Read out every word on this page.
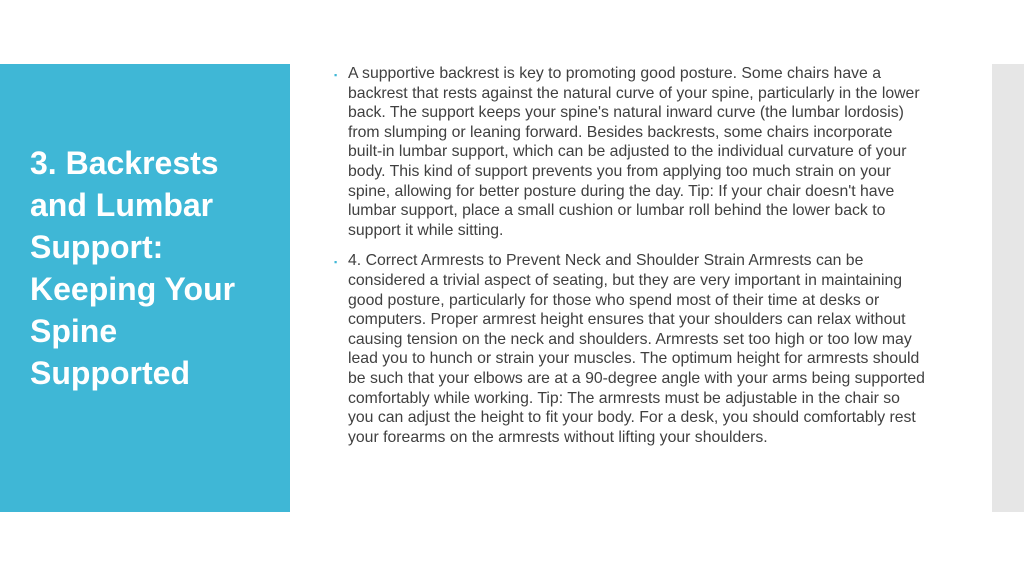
3. Backrests and Lumbar Support: Keeping Your Spine Supported

▪ A supportive backrest is key to promoting good posture. Some chairs have a backrest that rests against the natural curve of your spine, particularly in the lower back. The support keeps your spine's natural inward curve (the lumbar lordosis) from slumping or leaning forward. Besides backrests, some chairs incorporate built-in lumbar support, which can be adjusted to the individual curvature of your body. This kind of support prevents you from applying too much strain on your spine, allowing for better posture during the day. Tip: If your chair doesn't have lumbar support, place a small cushion or lumbar roll behind the lower back to support it while sitting.

▪ 4. Correct Armrests to Prevent Neck and Shoulder Strain Armrests can be considered a trivial aspect of seating, but they are very important in maintaining good posture, particularly for those who spend most of their time at desks or computers. Proper armrest height ensures that your shoulders can relax without causing tension on the neck and shoulders. Armrests set too high or too low may lead you to hunch or strain your muscles. The optimum height for armrests should be such that your elbows are at a 90-degree angle with your arms being supported comfortably while working. Tip: The armrests must be adjustable in the chair so you can adjust the height to fit your body. For a desk, you should comfortably rest your forearms on the armrests without lifting your shoulders.
